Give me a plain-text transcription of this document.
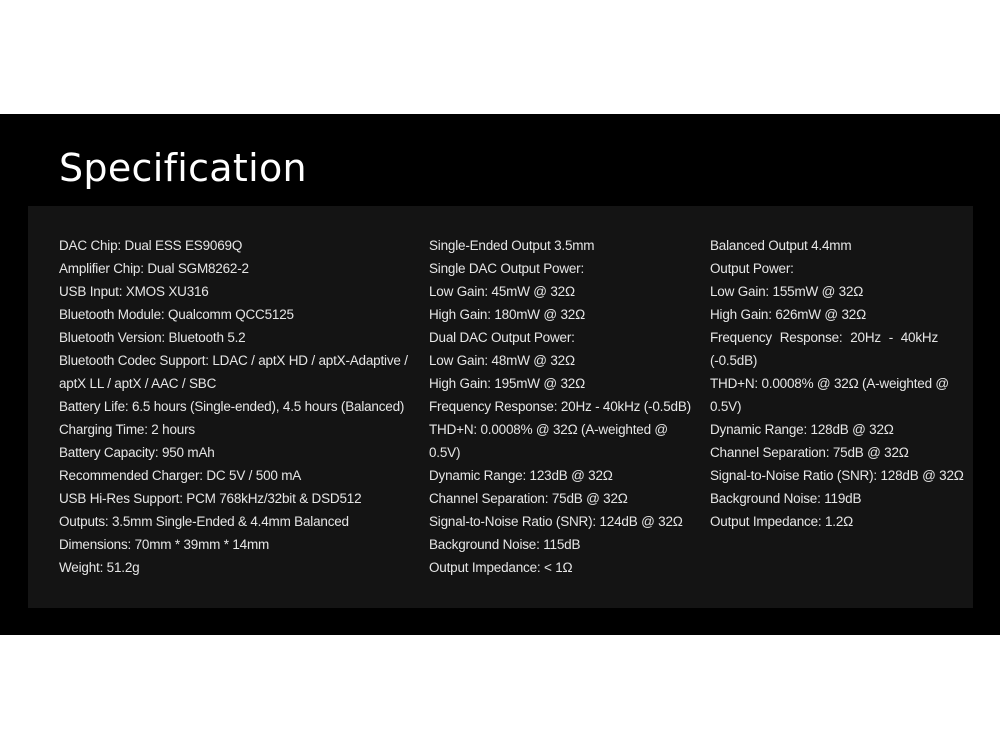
Specification
DAC Chip: Dual ESS ES9069Q
Amplifier Chip: Dual SGM8262-2
USB Input: XMOS XU316
Bluetooth Module: Qualcomm QCC5125
Bluetooth Version: Bluetooth 5.2
Bluetooth Codec Support: LDAC / aptX HD / aptX-Adaptive /
aptX LL / aptX / AAC / SBC
Battery Life: 6.5 hours (Single-ended), 4.5 hours (Balanced)
Charging Time: 2 hours
Battery Capacity: 950 mAh
Recommended Charger: DC 5V / 500 mA
USB Hi-Res Support: PCM 768kHz/32bit & DSD512
Outputs: 3.5mm Single-Ended & 4.4mm Balanced
Dimensions: 70mm * 39mm * 14mm
Weight: 51.2g
Single-Ended Output 3.5mm
Single DAC Output Power:
Low Gain: 45mW @ 32Ω
High Gain: 180mW @ 32Ω
Dual DAC Output Power:
Low Gain: 48mW @ 32Ω
High Gain: 195mW @ 32Ω
Frequency Response: 20Hz - 40kHz (-0.5dB)
THD+N: 0.0008% @ 32Ω (A-weighted @
0.5V)
Dynamic Range: 123dB @ 32Ω
Channel Separation: 75dB @ 32Ω
Signal-to-Noise Ratio (SNR): 124dB @ 32Ω
Background Noise: 115dB
Output Impedance: < 1Ω
Balanced Output 4.4mm
Output Power:
Low Gain: 155mW @ 32Ω
High Gain: 626mW @ 32Ω
Frequency Response: 20Hz - 40kHz
(-0.5dB)
THD+N: 0.0008% @ 32Ω (A-weighted @
0.5V)
Dynamic Range: 128dB @ 32Ω
Channel Separation: 75dB @ 32Ω
Signal-to-Noise Ratio (SNR): 128dB @ 32Ω
Background Noise: 119dB
Output Impedance: 1.2Ω
